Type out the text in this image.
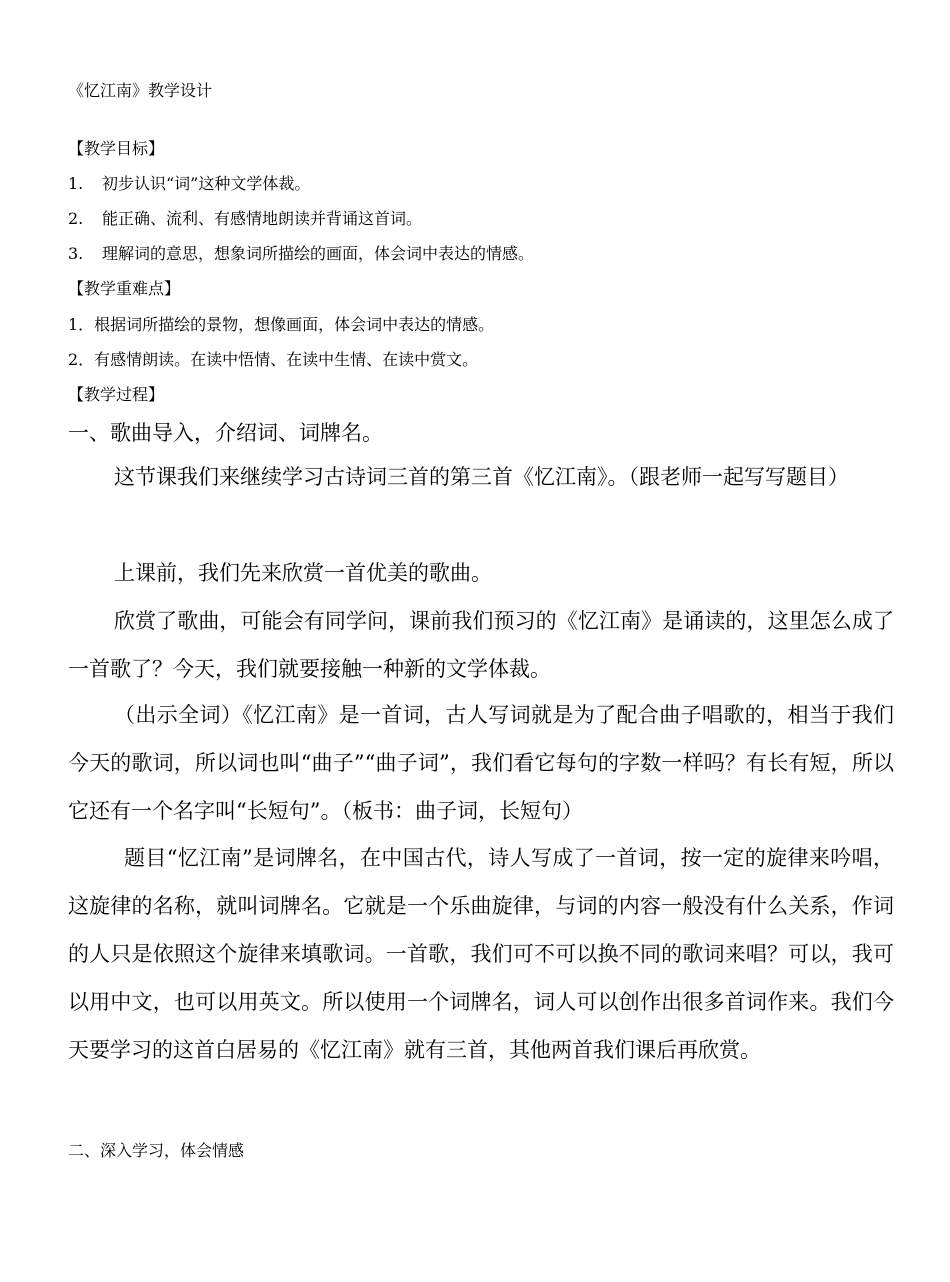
《忆江南》教学设计

【教学目标】

1. 初步认识“词”这种文学体裁。

2. 能正确、流利、有感情地朗读并背诵这首词。

3. 理解词的意思，想象词所描绘的画面，体会词中表达的情感。

【教学重难点】

1．根据词所描绘的景物，想像画面，体会词中表达的情感。

2．有感情朗读。在读中悟情、在读中生情、在读中赏文。

【教学过程】

一、歌曲导入，介绍词、词牌名。

这节课我们来继续学习古诗词三首的第三首《忆江南》。（跟老师一起写写题目）

上课前，我们先来欣赏一首优美的歌曲。

欣赏了歌曲，可能会有同学问，课前我们预习的《忆江南》是诵读的，这里怎么成了一首歌了？今天，我们就要接触一种新的文学体裁。

（出示全词）《忆江南》是一首词，古人写词就是为了配合曲子唱歌的，相当于我们今天的歌词，所以词也叫“曲子”“曲子词”，我们看它每句的字数一样吗？有长有短，所以它还有一个名字叫“长短句”。（板书：曲子词，长短句）

题目“忆江南”是词牌名，在中国古代，诗人写成了一首词，按一定的旋律来吟唱，这旋律的名称，就叫词牌名。它就是一个乐曲旋律，与词的内容一般没有什么关系，作词的人只是依照这个旋律来填歌词。一首歌，我们可不可以换不同的歌词来唱？可以，我可以用中文，也可以用英文。所以使用一个词牌名，词人可以创作出很多首词作来。我们今天要学习的这首白居易的《忆江南》就有三首，其他两首我们课后再欣赏。

二、深入学习，体会情感
